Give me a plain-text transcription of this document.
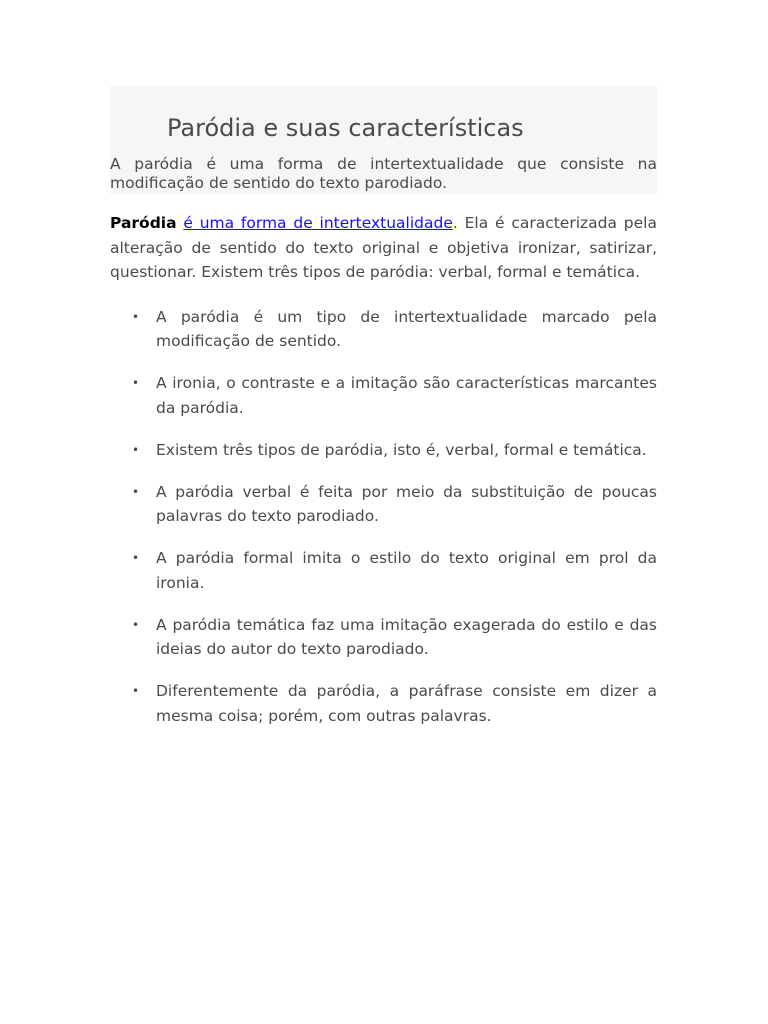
Paródia e suas características

A paródia é uma forma de intertextualidade que consiste na modificação de sentido do texto parodiado.

Paródia é uma forma de intertextualidade. Ela é caracterizada pela alteração de sentido do texto original e objetiva ironizar, satirizar, questionar. Existem três tipos de paródia: verbal, formal e temática.

• A paródia é um tipo de intertextualidade marcado pela modificação de sentido.
• A ironia, o contraste e a imitação são características marcantes da paródia.
• Existem três tipos de paródia, isto é, verbal, formal e temática.
• A paródia verbal é feita por meio da substituição de poucas palavras do texto parodiado.
• A paródia formal imita o estilo do texto original em prol da ironia.
• A paródia temática faz uma imitação exagerada do estilo e das ideias do autor do texto parodiado.
• Diferentemente da paródia, a paráfrase consiste em dizer a mesma coisa; porém, com outras palavras.
